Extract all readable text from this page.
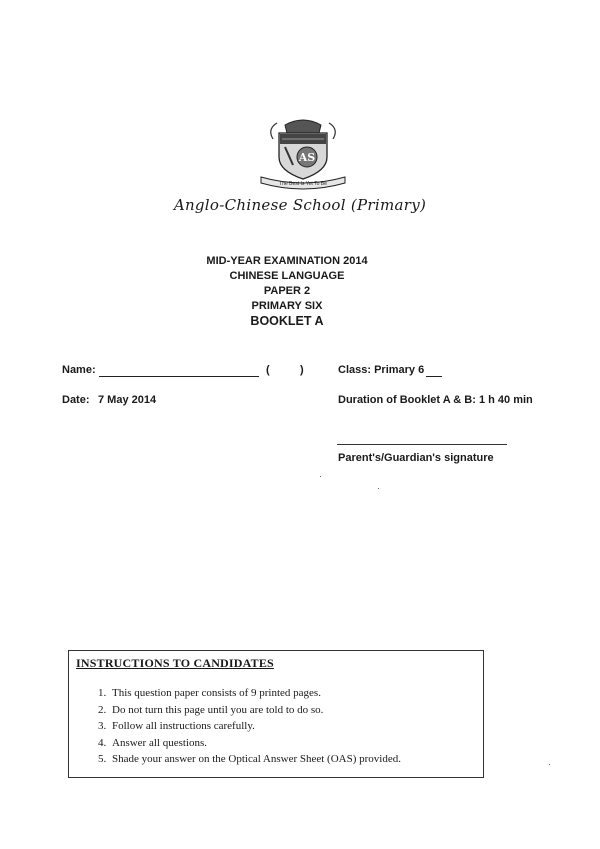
AS
The Best Is Yet To Be
Anglo-Chinese School (Primary)
MID-YEAR EXAMINATION 2014
CHINESE LANGUAGE
PAPER 2
PRIMARY SIX
BOOKLET A
Name:	(	)	Class: Primary 6
Date: 7 May 2014	Duration of Booklet A & B: 1 h 40 min
Parent's/Guardian's signature
INSTRUCTIONS TO CANDIDATES
1. This question paper consists of 9 printed pages.
2. Do not turn this page until you are told to do so.
3. Follow all instructions carefully.
4. Answer all questions.
5. Shade your answer on the Optical Answer Sheet (OAS) provided.
